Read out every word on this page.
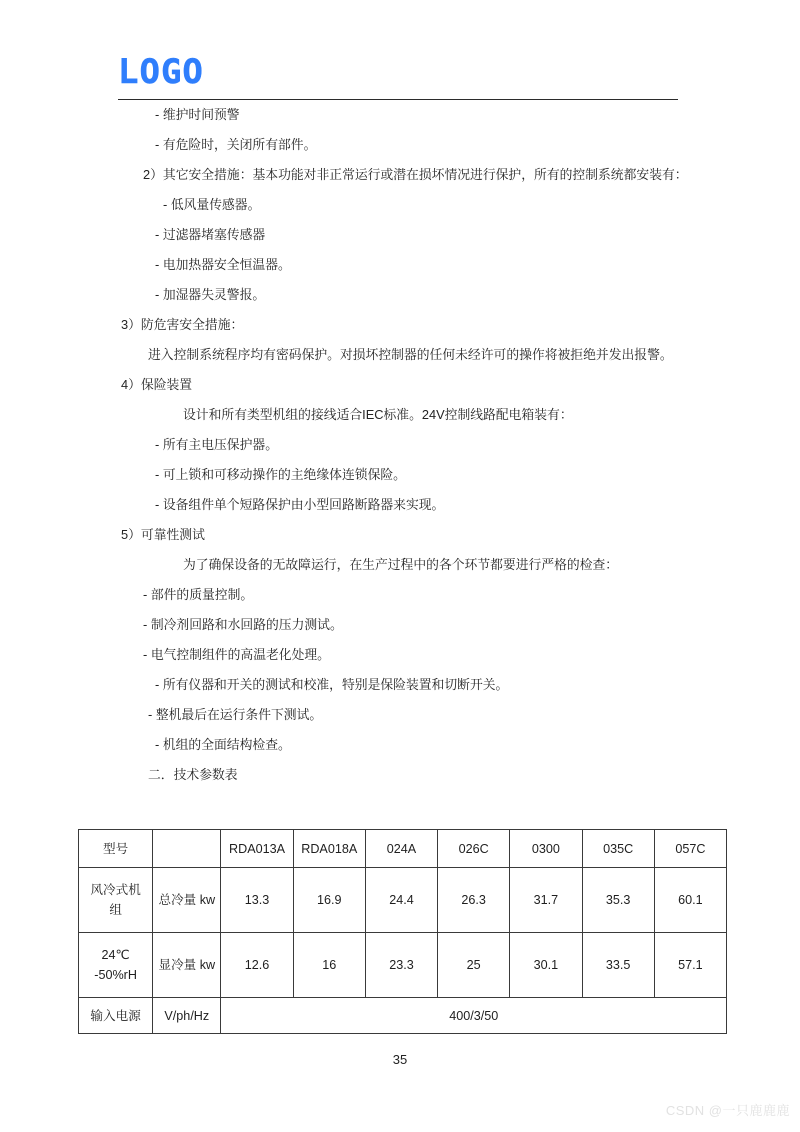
LOGO
- 维护时间预警
- 有危险时，关闭所有部件。
2）其它安全措施：基本功能对非正常运行或潜在损坏情况进行保护，所有的控制系统都安装有：
- 低风量传感器。
- 过滤器堵塞传感器
- 电加热器安全恒温器。
- 加湿器失灵警报。
3）防危害安全措施：
进入控制系统程序均有密码保护。对损坏控制器的任何未经许可的操作将被拒绝并发出报警。
4）保险装置
设计和所有类型机组的接线适合IEC标准。24V控制线路配电箱装有：
- 所有主电压保护器。
- 可上锁和可移动操作的主绝缘体连锁保险。
- 设备组件单个短路保护由小型回路断路器来实现。
5）可靠性测试
为了确保设备的无故障运行，在生产过程中的各个环节都要进行严格的检查：
- 部件的质量控制。
- 制冷剂回路和水回路的压力测试。
- 电气控制组件的高温老化处理。
- 所有仪器和开关的测试和校准，特别是保险装置和切断开关。
- 整机最后在运行条件下测试。
- 机组的全面结构检查。
二．技术参数表
型号		RDA013A	RDA018A	024A	026C	0300	035C	057C

风冷式机
组	总冷量 kw	13.3	16.9	24.4	26.3	31.7	35.3	60.1

24℃
-50%rH	显冷量 kw	12.6	16	23.3	25	30.1	33.5	57.1
输入电源	V/ph/Hz	400/3/50						
35
CSDN @一只鹿鹿鹿
